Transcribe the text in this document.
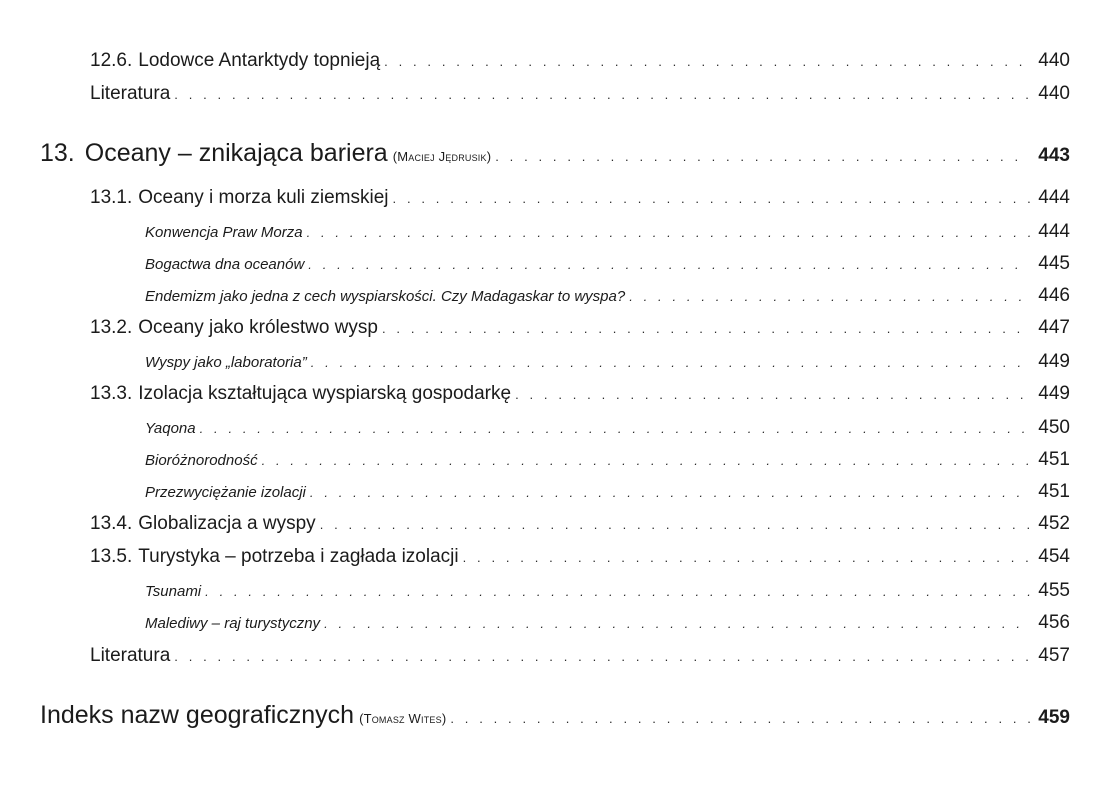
12.6. Lodowce Antarktydy topnieją . . .	440
Literatura . . .	440
13. Oceany – znikająca bariera (Maciej Jędrusik) . . .	443
13.1. Oceany i morza kuli ziemskiej . . .	444
Konwencja Praw Morza . . .	444
Bogactwa dna oceanów . . .	445
Endemizm jako jedna z cech wyspiarskości. Czy Madagaskar to wyspa? . . .	446
13.2. Oceany jako królestwo wysp . . .	447
Wyspy jako „laboratoria” . . .	449
13.3. Izolacja kształtująca wyspiarską gospodarkę . . .	449
Yaqona . . .	450
Bioróżnorodność . . .	451
Przezwyciężanie izolacji . . .	451
13.4. Globalizacja a wyspy . . .	452
13.5. Turystyka – potrzeba i zagłada izolacji . . .	454
Tsunami . . .	455
Malediwy – raj turystyczny . . .	456
Literatura . . .	457
Indeks nazw geograficznych (Tomasz Wites) . . .	459
